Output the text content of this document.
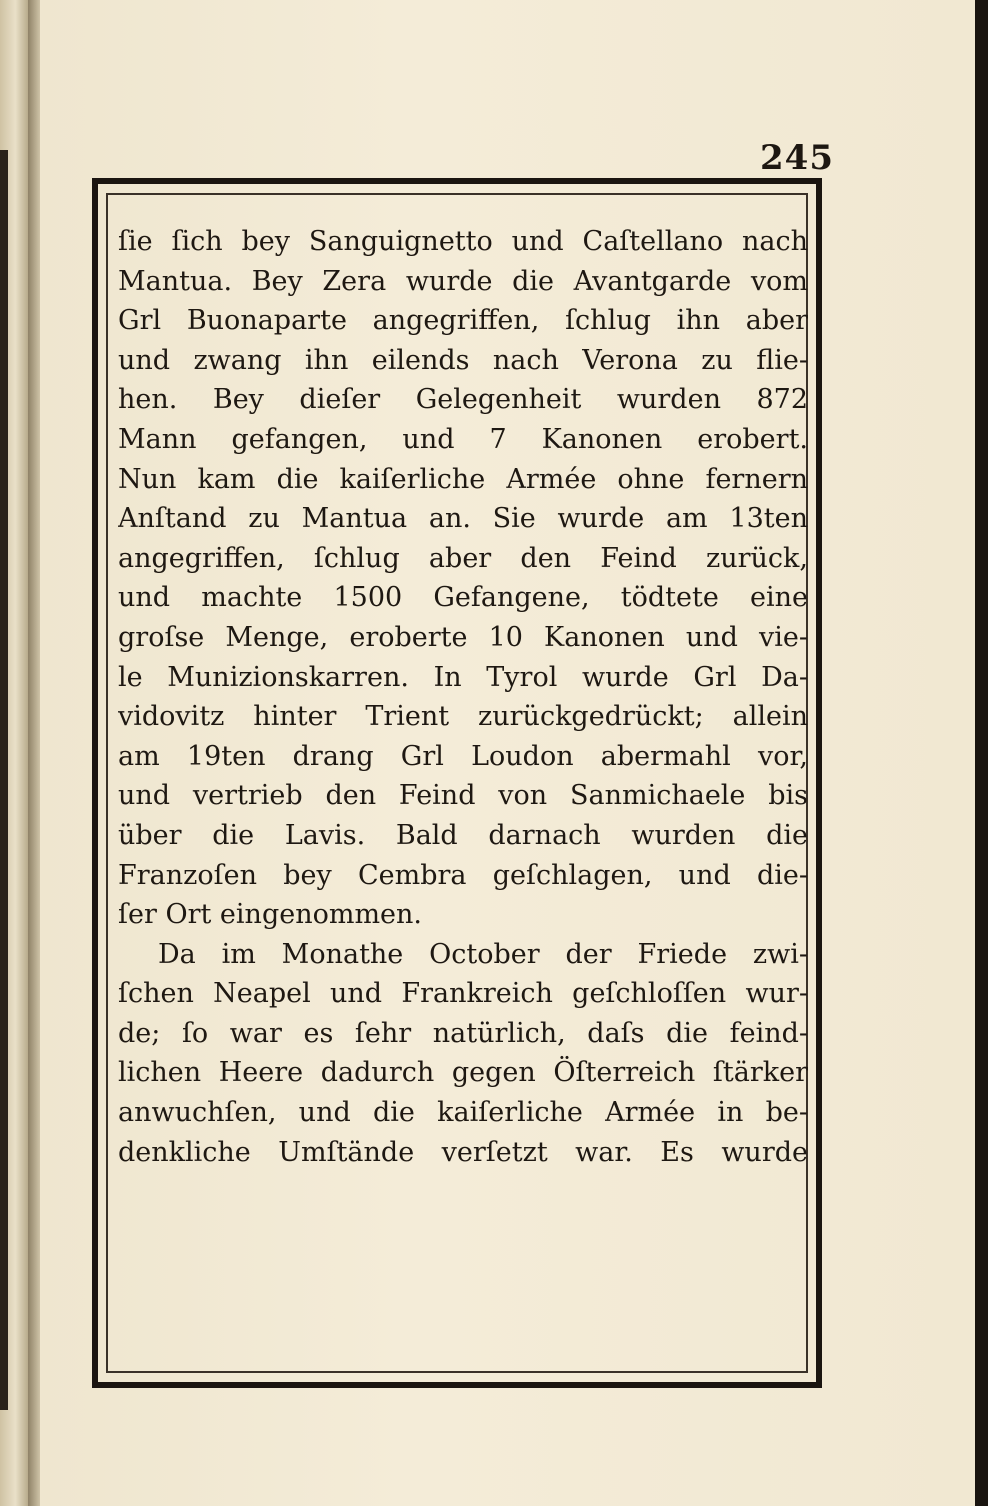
245
ſie ſich bey Sanguignetto und Caſtellano nach
Mantua. Bey Zera wurde die Avantgarde vom
Grl Buonaparte angegriffen, ſchlug ihn aber
und zwang ihn eilends nach Verona zu flie-
hen. Bey dieſer Gelegenheit wurden 872
Mann gefangen, und 7 Kanonen erobert.
Nun kam die kaiſerliche Armée ohne fernern
Anſtand zu Mantua an. Sie wurde am 13ten
angegriffen, ſchlug aber den Feind zurück,
und machte 1500 Gefangene, tödtete eine
groſse Menge, eroberte 10 Kanonen und vie-
le Munizionskarren. In Tyrol wurde Grl Da-
vidovitz hinter Trient zurückgedrückt; allein
am 19ten drang Grl Loudon abermahl vor,
und vertrieb den Feind von Sanmichaele bis
über die Lavis. Bald darnach wurden die
Franzoſen bey Cembra geſchlagen, und die-
ſer Ort eingenommen.
Da im Monathe October der Friede zwi-
ſchen Neapel und Frankreich geſchloſſen wur-
de; ſo war es ſehr natürlich, daſs die feind-
lichen Heere dadurch gegen Öſterreich ſtärker
anwuchſen, und die kaiſerliche Armée in be-
denkliche Umſtände verſetzt war. Es wurde
